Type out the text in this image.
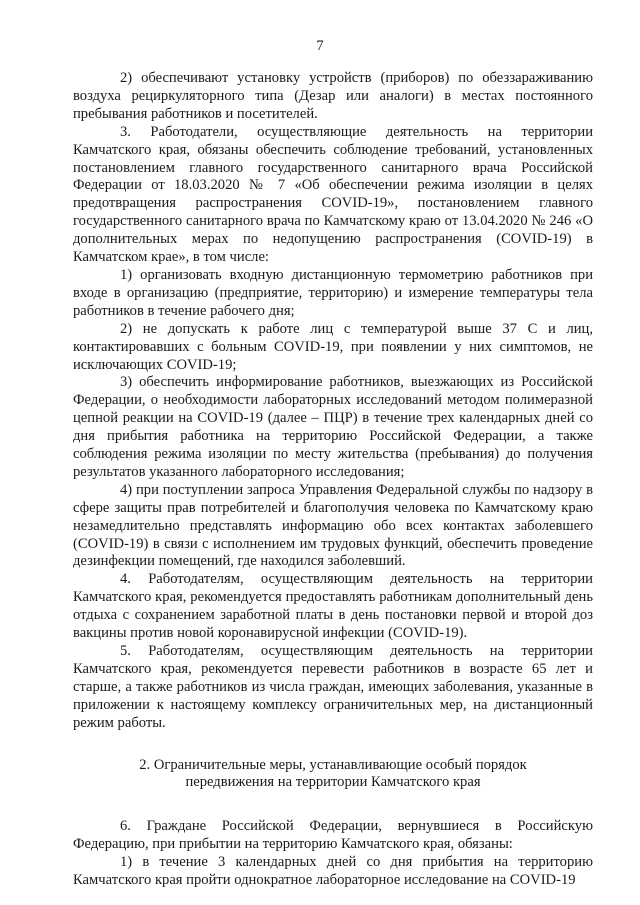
7

2) обеспечивают установку устройств (приборов) по обеззараживанию воздуха рециркуляторного типа (Дезар или аналоги) в местах постоянного пребывания работников и посетителей.

3. Работодатели, осуществляющие деятельность на территории Камчатского края, обязаны обеспечить соблюдение требований, установленных постановлением главного государственного санитарного врача Российской Федерации от 18.03.2020 № 7 «Об обеспечении режима изоляции в целях предотвращения распространения COVID-19», постановлением главного государственного санитарного врача по Камчатскому краю от 13.04.2020 № 246 «О дополнительных мерах по недопущению распространения (COVID-19) в Камчатском крае», в том числе:

1) организовать входную дистанционную термометрию работников при входе в организацию (предприятие, территорию) и измерение температуры тела работников в течение рабочего дня;

2) не допускать к работе лиц с температурой выше 37 С и лиц, контактировавших с больным COVID-19, при появлении у них симптомов, не исключающих COVID-19;

3) обеспечить информирование работников, выезжающих из Российской Федерации, о необходимости лабораторных исследований методом полимеразной цепной реакции на COVID-19 (далее – ПЦР) в течение трех календарных дней со дня прибытия работника на территорию Российской Федерации, а также соблюдения режима изоляции по месту жительства (пребывания) до получения результатов указанного лабораторного исследования;

4) при поступлении запроса Управления Федеральной службы по надзору в сфере защиты прав потребителей и благополучия человека по Камчатскому краю незамедлительно представлять информацию обо всех контактах заболевшего (COVID-19) в связи с исполнением им трудовых функций, обеспечить проведение дезинфекции помещений, где находился заболевший.

4. Работодателям, осуществляющим деятельность на территории Камчатского края, рекомендуется предоставлять работникам дополнительный день отдыха с сохранением заработной платы в день постановки первой и второй доз вакцины против новой коронавирусной инфекции (COVID-19).

5. Работодателям, осуществляющим деятельность на территории Камчатского края, рекомендуется перевести работников в возрасте 65 лет и старше, а также работников из числа граждан, имеющих заболевания, указанные в приложении к настоящему комплексу ограничительных мер, на дистанционный режим работы.

2. Ограничительные меры, устанавливающие особый порядок
передвижения на территории Камчатского края

6. Граждане Российской Федерации, вернувшиеся в Российскую Федерацию, при прибытии на территорию Камчатского края, обязаны:

1) в течение 3 календарных дней со дня прибытия на территорию Камчатского края пройти однократное лабораторное исследование на COVID-19
